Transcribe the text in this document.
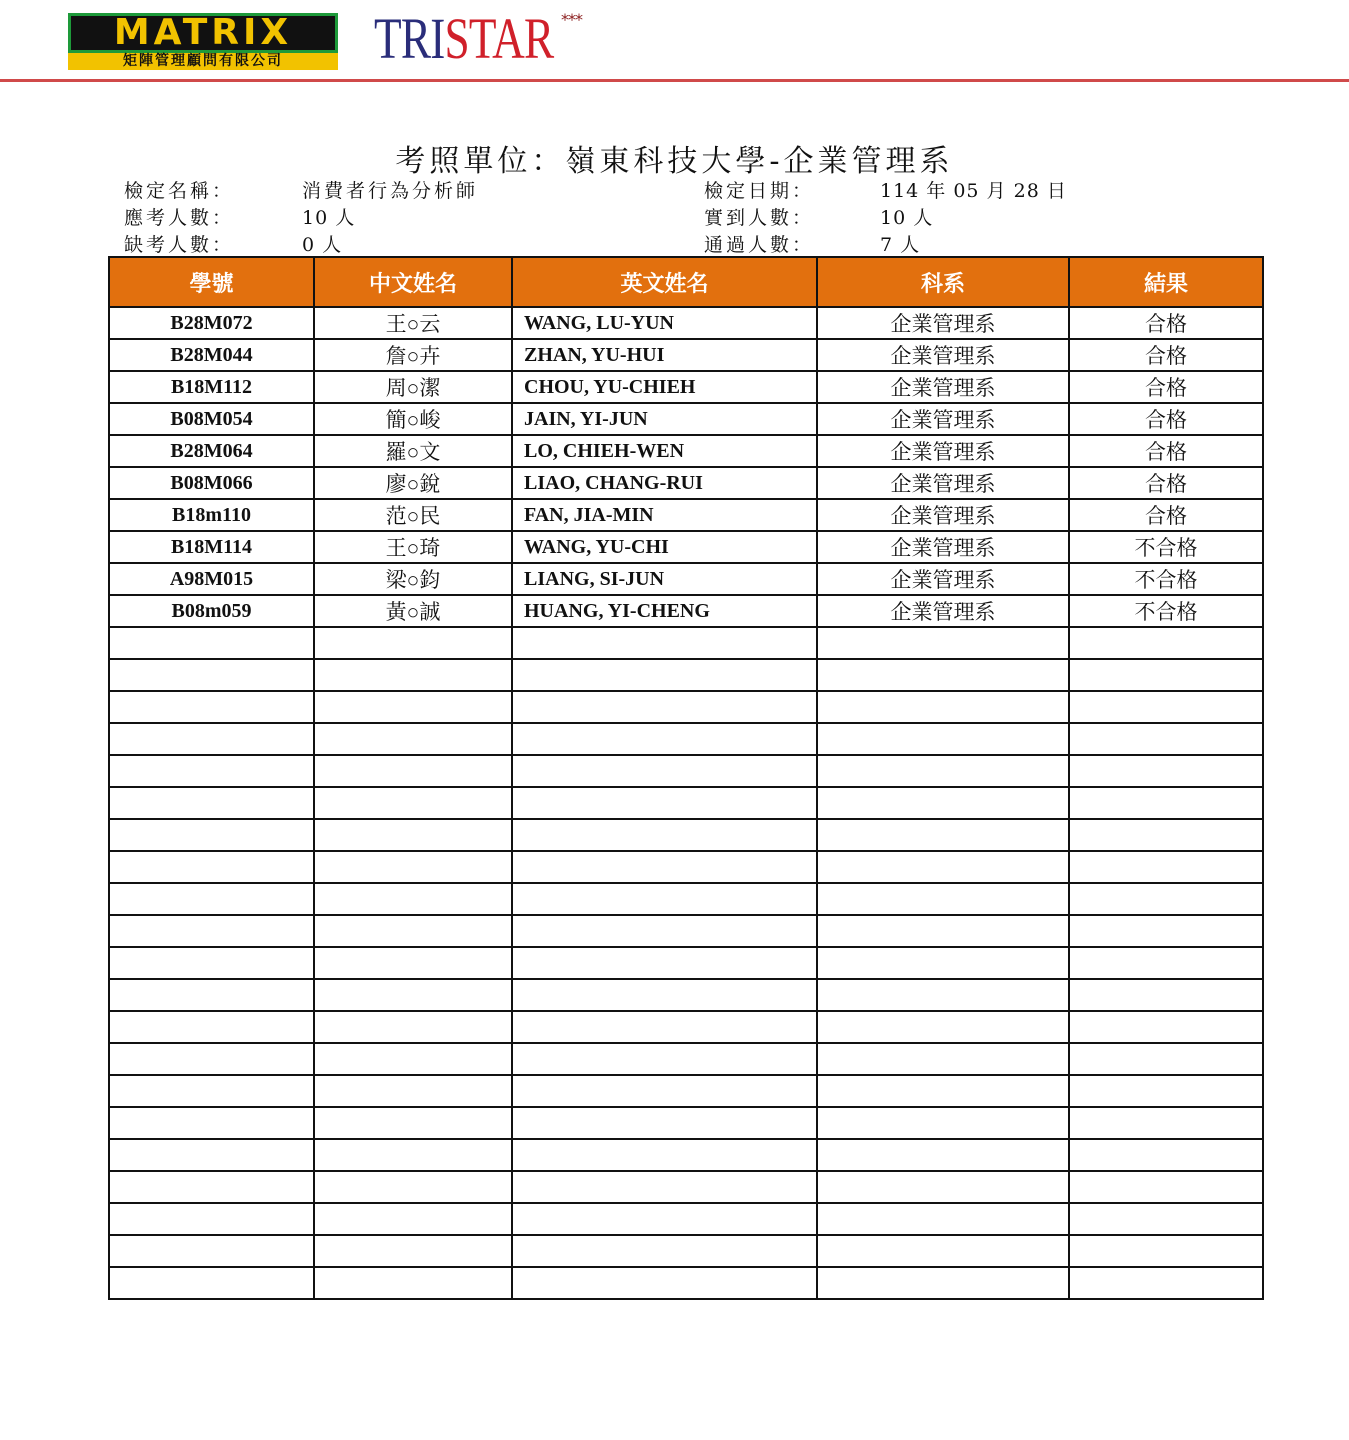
MATRIX
矩陣管理顧問有限公司	TRISTAR ***
考照單位：嶺東科技大學-企業管理系
檢定名稱：	消費者行為分析師	檢定日期：	114 年 05 月 28 日
應考人數：	10 人	實到人數：	10 人
缺考人數：	0 人	通過人數：	7 人
學號	中文姓名	英文姓名	科系	結果
B28M072	王○云	WANG, LU-YUN	企業管理系	合格
B28M044	詹○卉	ZHAN, YU-HUI	企業管理系	合格
B18M112	周○潔	CHOU, YU-CHIEH	企業管理系	合格
B08M054	簡○峻	JAIN, YI-JUN	企業管理系	合格
B28M064	羅○文	LO, CHIEH-WEN	企業管理系	合格
B08M066	廖○銳	LIAO, CHANG-RUI	企業管理系	合格
B18m110	范○民	FAN, JIA-MIN	企業管理系	合格
B18M114	王○琦	WANG, YU-CHI	企業管理系	不合格
A98M015	梁○鈞	LIANG, SI-JUN	企業管理系	不合格
B08m059	黃○誠	HUANG, YI-CHENG	企業管理系	不合格
